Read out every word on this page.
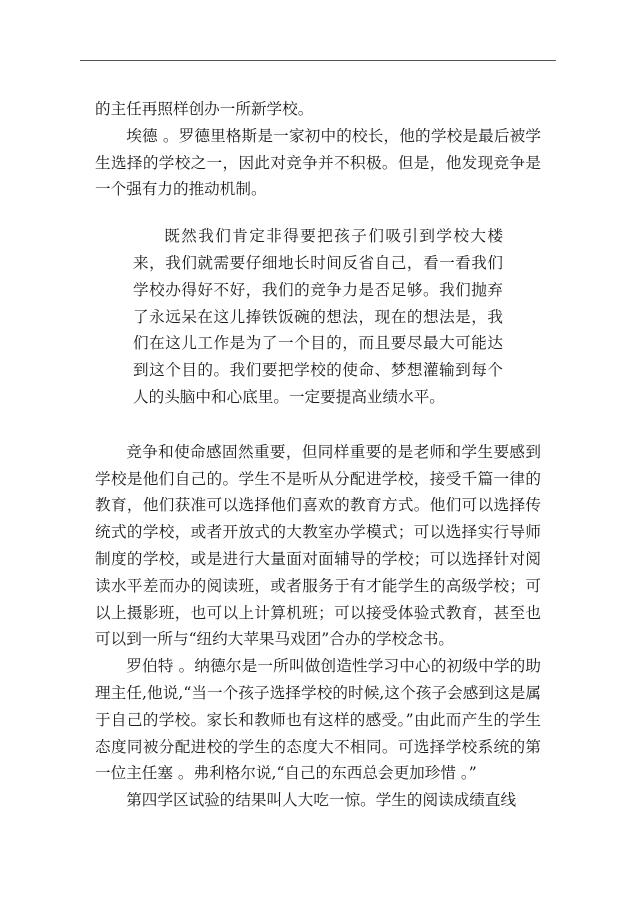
的主任再照样创办一所新学校。

埃德 。罗德里格斯是一家初中的校长，他的学校是最后被学生选择的学校之一，因此对竞争并不积极。但是，他发现竞争是一个强有力的推动机制。

既然我们肯定非得要把孩子们吸引到学校大楼来，我们就需要仔细地长时间反省自己，看一看我们学校办得好不好，我们的竞争力是否足够。我们抛弃了永远呆在这儿捧铁饭碗的想法，现在的想法是，我们在这儿工作是为了一个目的，而且要尽最大可能达到这个目的。我们要把学校的使命、梦想灌输到每个人的头脑中和心底里。一定要提高业绩水平。

竞争和使命感固然重要，但同样重要的是老师和学生要感到学校是他们自己的。学生不是听从分配进学校，接受千篇一律的教育，他们获准可以选择他们喜欢的教育方式。他们可以选择传统式的学校，或者开放式的大教室办学模式；可以选择实行导师制度的学校，或是进行大量面对面辅导的学校；可以选择针对阅读水平差而办的阅读班，或者服务于有才能学生的高级学校；可以上摄影班，也可以上计算机班；可以接受体验式教育，甚至也可以到一所与“纽约大苹果马戏团”合办的学校念书。

罗伯特 。纳德尔是一所叫做创造性学习中心的初级中学的助理主任,他说,“当一个孩子选择学校的时候,这个孩子会感到这是属于自己的学校。家长和教师也有这样的感受。”由此而产生的学生态度同被分配进校的学生的态度大不相同。可选择学校系统的第一位主任塞 。弗利格尔说,“自己的东西总会更加珍惜 。”

第四学区试验的结果叫人大吃一惊。学生的阅读成绩直线
